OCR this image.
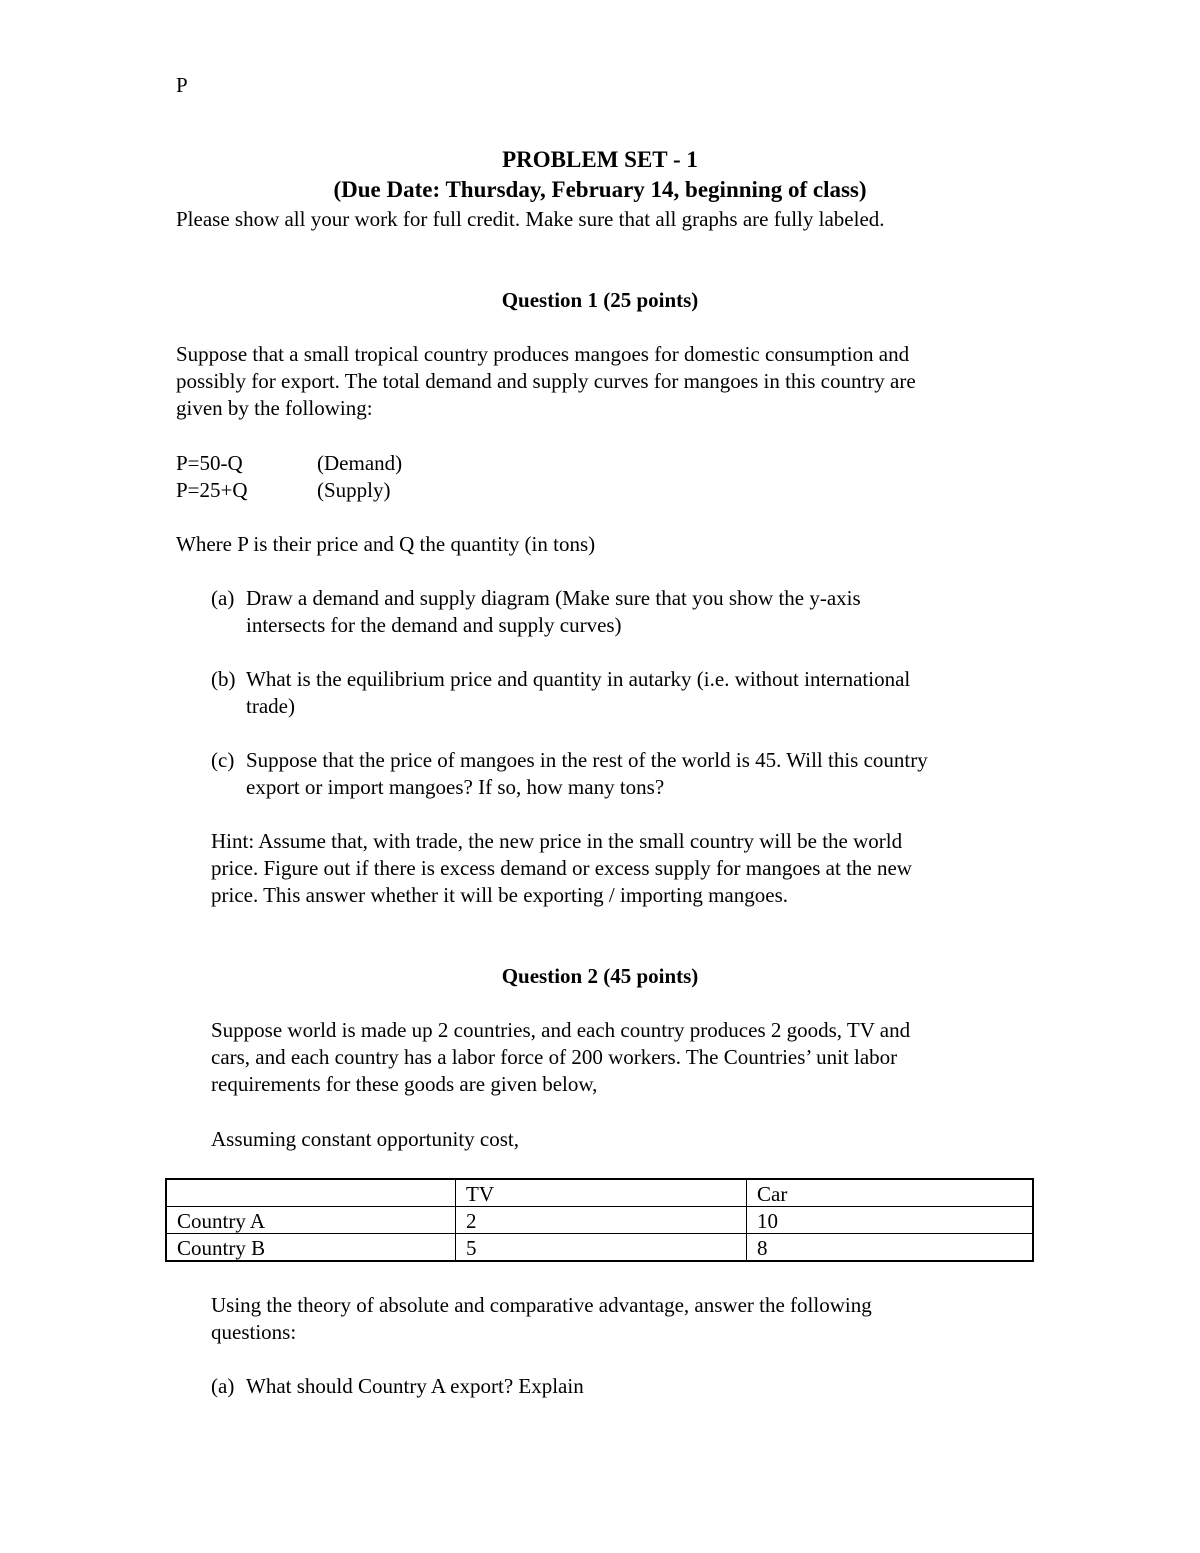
P
PROBLEM SET - 1
(Due Date: Thursday, February 14, beginning of class)
Please show all your work for full credit. Make sure that all graphs are fully labeled.
Question 1 (25 points)
Suppose that a small tropical country produces mangoes for domestic consumption and
possibly for export. The total demand and supply curves for mangoes in this country are
given by the following:
P=50-Q	(Demand)
P=25+Q	(Supply)
Where P is their price and Q the quantity (in tons)
(a) Draw a demand and supply diagram (Make sure that you show the y-axis
intersects for the demand and supply curves)
(b) What is the equilibrium price and quantity in autarky (i.e. without international
trade)
(c) Suppose that the price of mangoes in the rest of the world is 45. Will this country
export or import mangoes? If so, how many tons?
Hint: Assume that, with trade, the new price in the small country will be the world
price. Figure out if there is excess demand or excess supply for mangoes at the new
price. This answer whether it will be exporting / importing mangoes.
Question 2 (45 points)
Suppose world is made up 2 countries, and each country produces 2 goods, TV and
cars, and each country has a labor force of 200 workers. The Countries’ unit labor
requirements for these goods are given below,
Assuming constant opportunity cost,
	TV	Car
Country A	2	10
Country B	5	8
Using the theory of absolute and comparative advantage, answer the following
questions:
(a) What should Country A export? Explain
